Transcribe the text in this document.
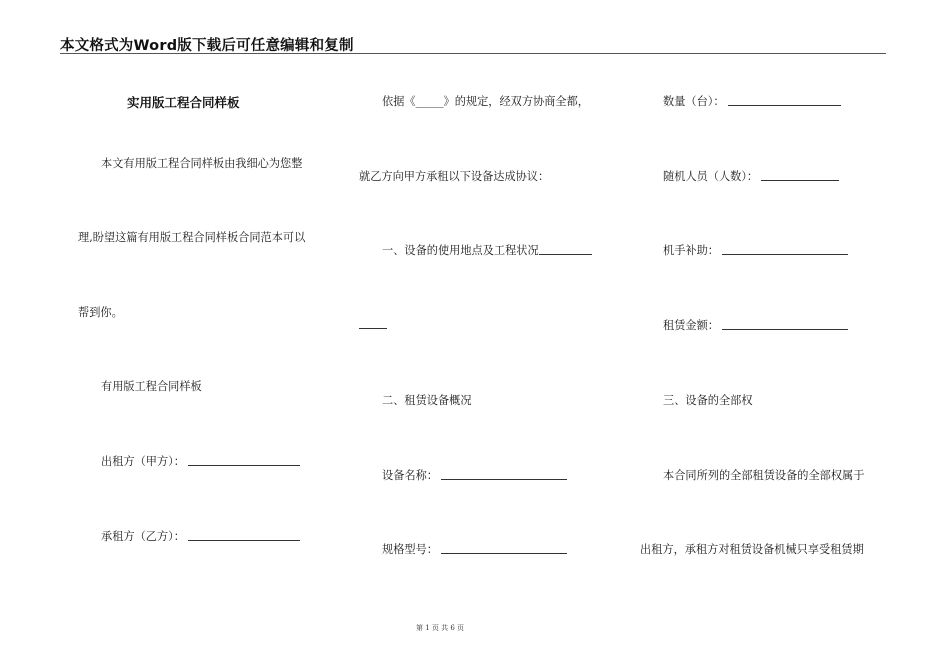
本文格式为Word版下载后可任意编辑和复制
实用版工程合同样板
本文有用版工程合同样板由我细心为您整
理,盼望这篇有用版工程合同样板合同范本可以
帮到你。
有用版工程合同样板
出租方（甲方）：
承租方（乙方）：
依据《_____》的规定，经双方协商全都，
就乙方向甲方承租以下设备达成协议：
一、设备的使用地点及工程状况
二、租赁设备概况
设备名称：
规格型号：
数量（台）：
随机人员（人数）：
机手补助：
租赁金额：
三、设备的全部权
本合同所列的全部租赁设备的全部权属于
出租方，承租方对租赁设备机械只享受租赁期
第 1 页 共 6 页
